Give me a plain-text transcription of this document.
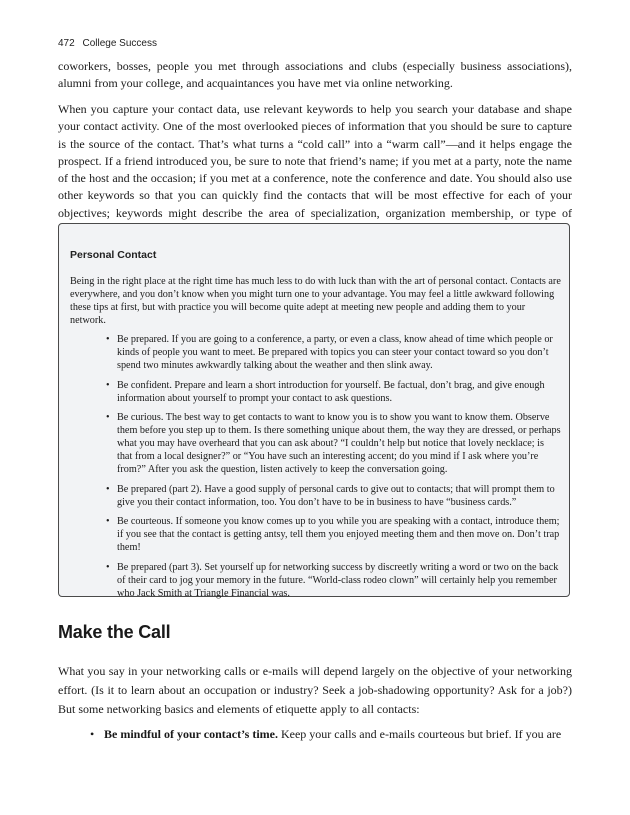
472 College Success

coworkers, bosses, people you met through associations and clubs (especially business associations), alumni from your college, and acquaintances you have met via online networking.

When you capture your contact data, use relevant keywords to help you search your database and shape your contact activity. One of the most overlooked pieces of information that you should be sure to capture is the source of the contact. That’s what turns a “cold call” into a “warm call”—and it helps engage the prospect. If a friend introduced you, be sure to note that friend’s name; if you met at a party, note the name of the host and the occasion; if you met at a conference, note the conference and date. You should also use other keywords so that you can quickly find the contacts that will be most effective for each of your objectives; keywords might describe the area of specialization, organization membership, or type of

Personal Contact

Being in the right place at the right time has much less to do with luck than with the art of personal contact. Contacts are everywhere, and you don’t know when you might turn one to your advantage. You may feel a little awkward following these tips at first, but with practice you will become quite adept at meeting new people and adding them to your network.

• Be prepared. If you are going to a conference, a party, or even a class, know ahead of time which people or kinds of people you want to meet. Be prepared with topics you can steer your contact toward so you don’t spend two minutes awkwardly talking about the weather and then slink away.
• Be confident. Prepare and learn a short introduction for yourself. Be factual, don’t brag, and give enough information about yourself to prompt your contact to ask questions.
• Be curious. The best way to get contacts to want to know you is to show you want to know them. Observe them before you step up to them. Is there something unique about them, the way they are dressed, or perhaps what you may have overheard that you can ask about? “I couldn’t help but notice that lovely necklace; is that from a local designer?” or “You have such an interesting accent; do you mind if I ask where you’re from?” After you ask the question, listen actively to keep the conversation going.
• Be prepared (part 2). Have a good supply of personal cards to give out to contacts; that will prompt them to give you their contact information, too. You don’t have to be in business to have “business cards.”
• Be courteous. If someone you know comes up to you while you are speaking with a contact, introduce them; if you see that the contact is getting antsy, tell them you enjoyed meeting them and then move on. Don’t trap them!
• Be prepared (part 3). Set yourself up for networking success by discreetly writing a word or two on the back of their card to jog your memory in the future. “World-class rodeo clown” will certainly help you remember who Jack Smith at Triangle Financial was.
Make the Call

What you say in your networking calls or e-mails will depend largely on the objective of your networking effort. (Is it to learn about an occupation or industry? Seek a job-shadowing opportunity? Ask for a job?) But some networking basics and elements of etiquette apply to all contacts:

• Be mindful of your contact’s time. Keep your calls and e-mails courteous but brief. If you are
